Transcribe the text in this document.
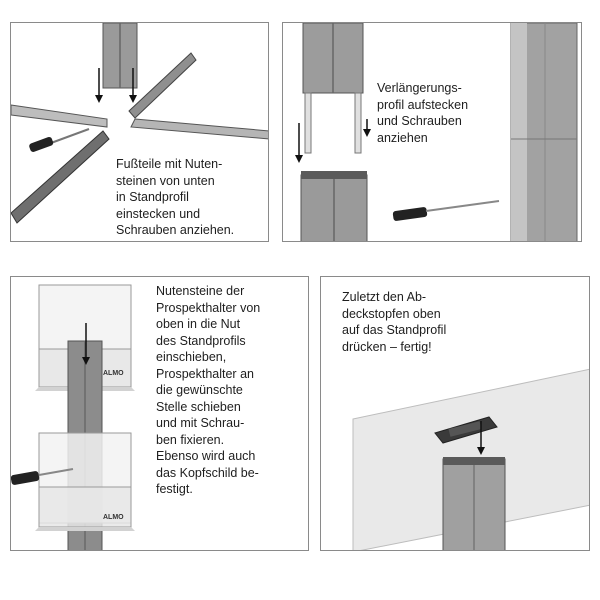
Fußteile mit Nuten-
steinen von unten
in Standprofil
einstecken und
Schrauben anziehen.
Verlängerungs-
profil aufstecken
und Schrauben
anziehen
ALMO
ALMO
Nutensteine der
Prospekthalter von
oben in die Nut
des Standprofils
einschieben,
Prospekthalter an
die gewünschte
Stelle schieben
und mit Schrau-
ben fixieren.
Ebenso wird auch
das Kopfschild be-
festigt.
Zuletzt den Ab-
deckstopfen oben
auf das Standprofil
drücken – fertig!
